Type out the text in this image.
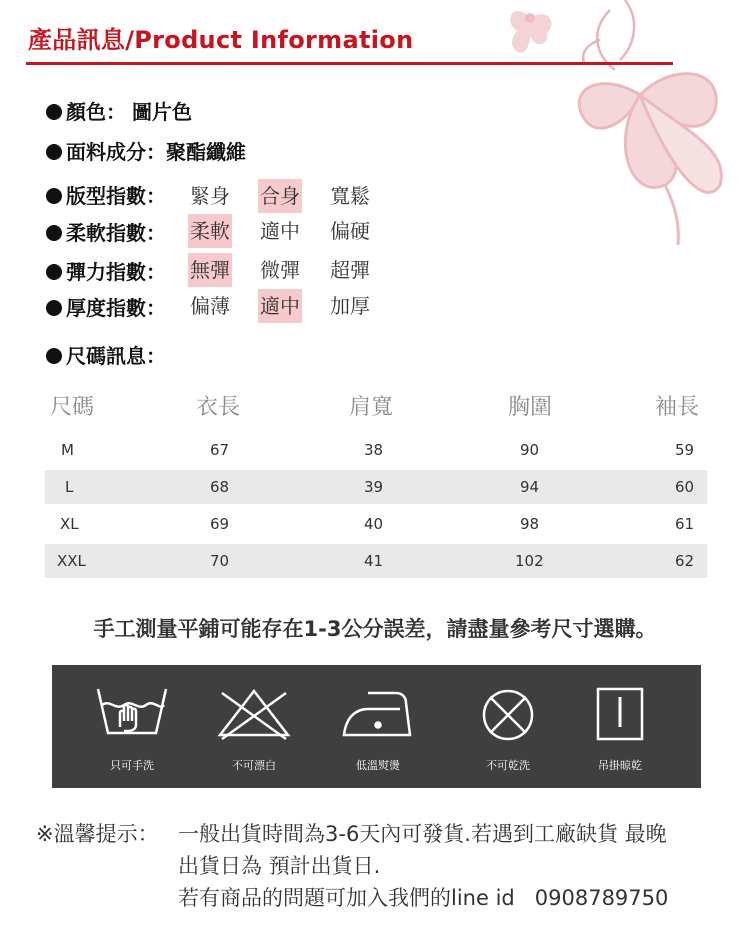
產品訊息/Product Information
顏色： 圖片色
面料成分：聚酯纖維
版型指數： 緊身 合身 寬鬆
柔軟指數： 柔軟 適中 偏硬
彈力指數： 無彈 微彈 超彈
厚度指數： 偏薄 適中 加厚
尺碼訊息：
尺碼	衣長	肩寬	胸圍	袖長
M	67	38	90	59
L	68	39	94	60
XL	69	40	98	61
XXL	70	41	102	62
手工測量平鋪可能存在1-3公分誤差，請盡量參考尺寸選購。
只可手洗	不可漂白	低溫熨燙	不可乾洗	吊掛晾乾
※溫馨提示： 一般出貨時間為3-6天內可發貨.若遇到工廠缺貨 最晚
出貨日為 預計出貨日.
若有商品的問題可加入我們的line id   0908789750
